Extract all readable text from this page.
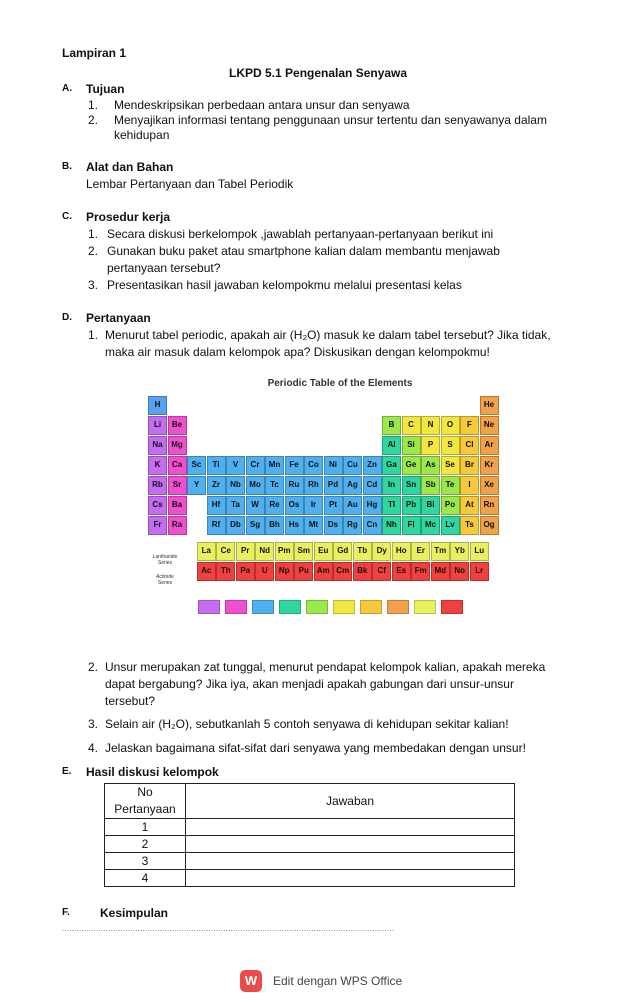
Lampiran 1
LKPD 5.1 Pengenalan Senyawa
A. Tujuan
1. Mendeskripsikan perbedaan antara unsur dan senyawa
2. Menyajikan informasi tentang penggunaan unsur tertentu dan senyawanya dalam
kehidupan
B. Alat dan Bahan
Lembar Pertanyaan dan Tabel Periodik
C. Prosedur kerja
1. Secara diskusi berkelompok ,jawablah pertanyaan-pertanyaan berikut ini
2. Gunakan buku paket atau smartphone kalian dalam membantu menjawab
pertanyaan tersebut?
3. Presentasikan hasil jawaban kelompokmu melalui presentasi kelas
D. Pertanyaan
1. Menurut tabel periodic, apakah air (H₂O) masuk ke dalam tabel tersebut? Jika tidak,
maka air masuk dalam kelompok apa? Diskusikan dengan kelompokmu!
Periodic Table of the Elements
H	He
Li	Be	B	C	N	O	F	Ne
Na	Mg	Al	Si	P	S	Cl	Ar
K	Ca	Sc	Ti	V	Cr	Mn	Fe	Co	Ni	Cu	Zn	Ga	Ge	As	Se	Br	Kr
Rb	Sr	Y	Zr	Nb	Mo	Tc	Ru	Rh	Pd	Ag	Cd	In	Sn	Sb	Te	I	Xe
Cs	Ba	Hf	Ta	W	Re	Os	Ir	Pt	Au	Hg	Tl	Pb	Bi	Po	At	Rn
Fr	Ra	Rf	Db	Sg	Bh	Hs	Mt	Ds	Rg	Cn	Nh	Fl	Mc	Lv	Ts	Og
La	Ce	Pr	Nd Pm Sm	Eu	Gd	Tb	Dy	Ho	Er	Tm	Yb	Lu
Ac	Th	Pa	U	Np	Pu Am Cm Bk	Cf	Es	Fm Md	No	Lr
Lanthanide Series
Actinide Series
2. Unsur merupakan zat tunggal, menurut pendapat kelompok kalian, apakah mereka
dapat bergabung? Jika iya, akan menjadi apakah gabungan dari unsur-unsur
tersebut?
3. Selain air (H₂O), sebutkanlah 5 contoh senyawa di kehidupan sekitar kalian!
4. Jelaskan bagaimana sifat-sifat dari senyawa yang membedakan dengan unsur!
E. Hasil diskusi kelompok
No
Pertanyaan	Jawaban
1	
2	
3	
4	
F.	Kesimpulan
........................................................................................................................................
W	Edit dengan WPS Office
